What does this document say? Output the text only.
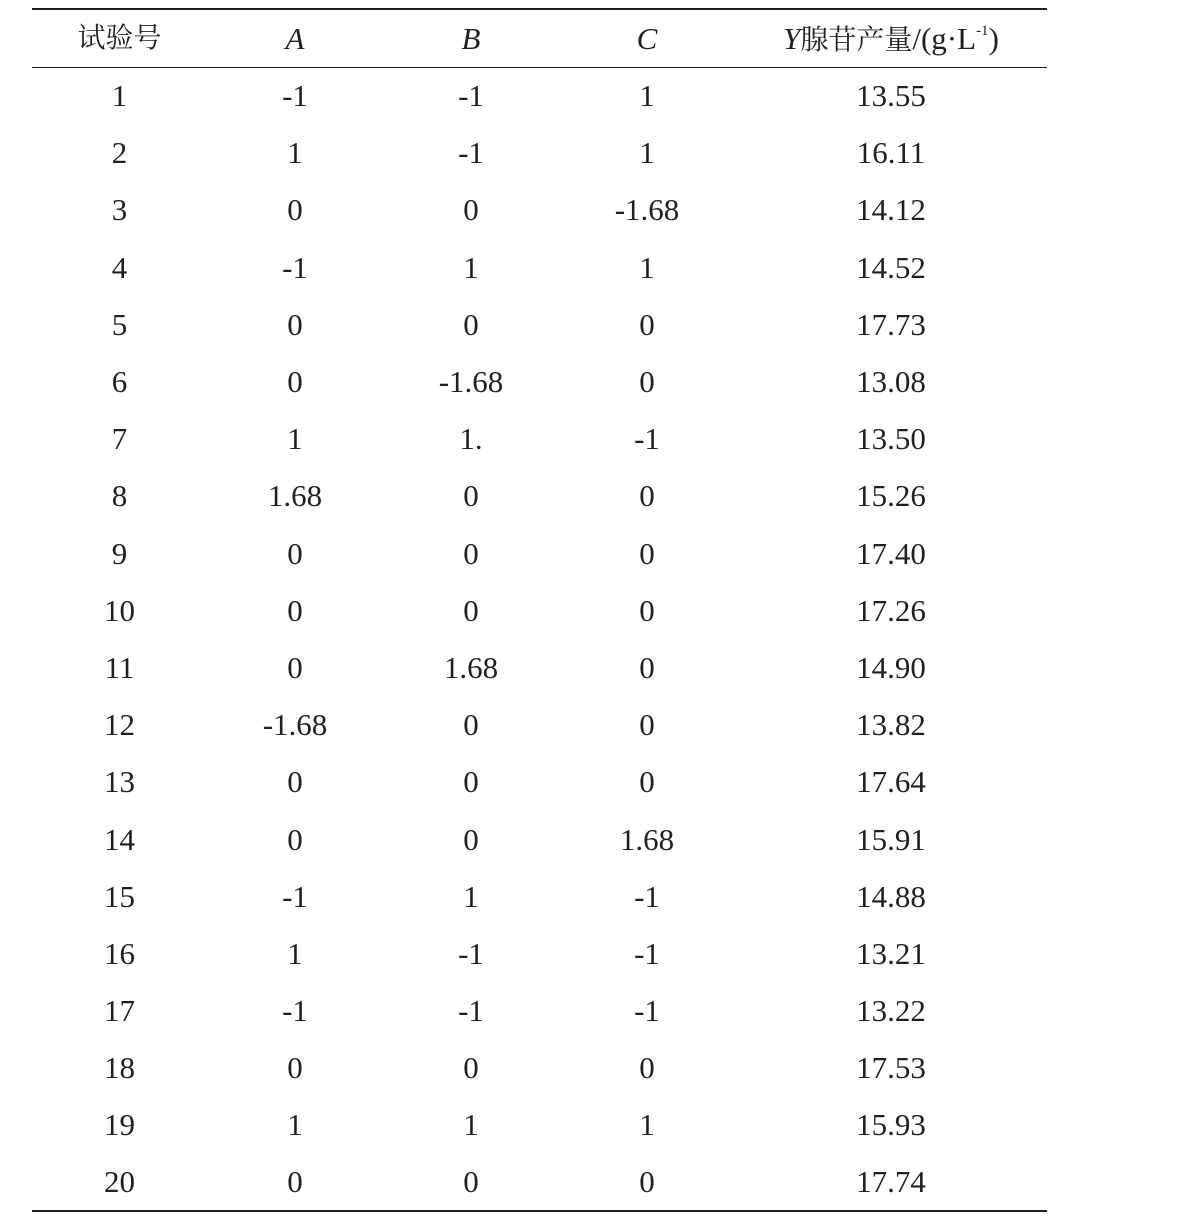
试验号	A	B	C	Y腺苷产量$/(g\cdot L^{-1})$
1	-1	-1	1	13.55
2	1	-1	1	16.11
3	0	0	-1.68	14.12
4	-1	1	1	14.52
5	0	0	0	17.73
6	0	-1.68	0	13.08
7	1	1.	-1	13.50
8	1.68	0	0	15.26
9	0	0	0	17.40
10	0	0	0	17.26
11	0	1.68	0	14.90
12	-1.68	0	0	13.82
13	0	0	0	17.64
14	0	0	1.68	15.91
15	-1	1	-1	14.88
16	1	-1	-1	13.21
17	-1	-1	-1	13.22
18	0	0	0	17.53
19	1	1	1	15.93
20	0	0	0	17.74
